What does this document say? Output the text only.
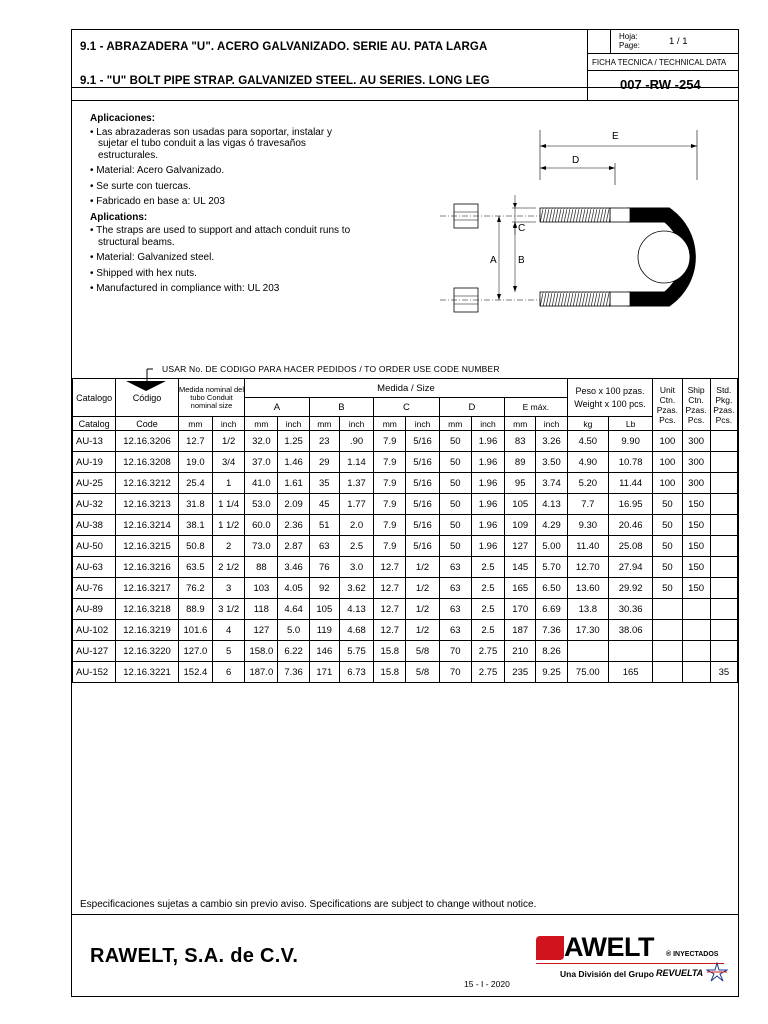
9.1 - ABRAZADERA "U". ACERO GALVANIZADO. SERIE AU. PATA LARGA
9.1 - "U" BOLT PIPE STRAP. GALVANIZED STEEL. AU SERIES. LONG LEG
Hoja:
Page:	1 / 1
FICHA TECNICA / TECHNICAL DATA
007 -RW -254
Aplicaciones:
• Las abrazaderas son usadas para soportar, instalar y sujetar el tubo conduit a las vigas ó travesaños estructurales.
• Material: Acero Galvanizado.
• Se surte con tuercas.
• Fabricado en base a: UL 203
Aplications:
• The straps are used to support and attach conduit runs to structural beams.
• Material: Galvanized steel.
• Shipped with hex nuts.
• Manufactured in compliance with: UL 203
E
D
C
A B
USAR No. DE CODIGO PARA HACER PEDIDOS / TO ORDER USE CODE NUMBER
Catalogo	Código	Medida nominal del tubo Conduit nominal size		Medida / Size										Peso x 100 pzas. Weight x 100 pcs.		Unit Ctn. Pzas. Pcs.	Ship Ctn. Pzas. Pcs.	Std. Pkg. Pzas. Pcs.
				A		B		C		D		E máx.						
Catalog	Code	mm	inch	mm	inch	mm	inch	mm	inch	mm	inch	mm	inch	kg	Lb			
AU-13	12.16.3206	12.7	1/2	32.0	1.25	23	.90	7.9	5/16	50	1.96	83	3.26	4.50	9.90	100	300	
AU-19	12.16.3208	19.0	3/4	37.0	1.46	29	1.14	7.9	5/16	50	1.96	89	3.50	4.90	10.78	100	300	
AU-25	12.16.3212	25.4	1	41.0	1.61	35	1.37	7.9	5/16	50	1.96	95	3.74	5.20	11.44	100	300	
AU-32	12.16.3213	31.8	1 1/4	53.0	2.09	45	1.77	7.9	5/16	50	1.96	105	4.13	7.7	16.95	50	150	
AU-38	12.16.3214	38.1	1 1/2	60.0	2.36	51	2.0	7.9	5/16	50	1.96	109	4.29	9.30	20.46	50	150	
AU-50	12.16.3215	50.8	2	73.0	2.87	63	2.5	7.9	5/16	50	1.96	127	5.00	11.40	25.08	50	150	
AU-63	12.16.3216	63.5	2 1/2	88	3.46	76	3.0	12.7	1/2	63	2.5	145	5.70	12.70	27.94	50	150	
AU-76	12.16.3217	76.2	3	103	4.05	92	3.62	12.7	1/2	63	2.5	165	6.50	13.60	29.92	50	150	
AU-89	12.16.3218	88.9	3 1/2	118	4.64	105	4.13	12.7	1/2	63	2.5	170	6.69	13.8	30.36			
AU-102	12.16.3219	101.6	4	127	5.0	119	4.68	12.7	1/2	63	2.5	187	7.36	17.30	38.06			
AU-127	12.16.3220	127.0	5	158.0	6.22	146	5.75	15.8	5/8	70	2.75	210	8.26					
AU-152	12.16.3221	152.4	6	187.0	7.36	171	6.73	15.8	5/8	70	2.75	235	9.25	75.00	165			35
Especificaciones sujetas a cambio sin previo aviso. Specifications are subject to change without notice.
RAWELT, S.A. de C.V.
15 - I - 2020
AWELT ® INYECTADOS
Una División del Grupo REVUELTA
